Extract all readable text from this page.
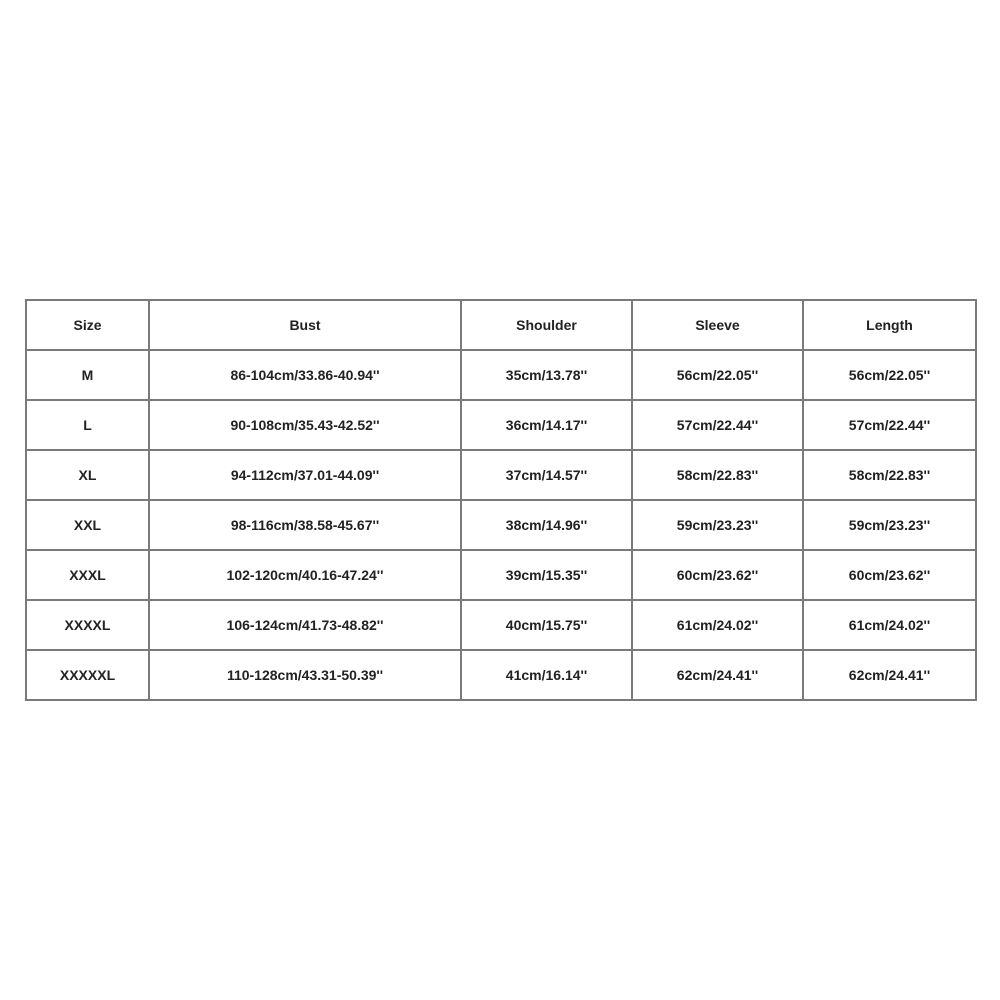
Size	Bust	Shoulder	Sleeve	Length
M	86-104cm/33.86-40.94''	35cm/13.78''	56cm/22.05''	56cm/22.05''
L	90-108cm/35.43-42.52''	36cm/14.17''	57cm/22.44''	57cm/22.44''
XL	94-112cm/37.01-44.09''	37cm/14.57''	58cm/22.83''	58cm/22.83''
XXL	98-116cm/38.58-45.67''	38cm/14.96''	59cm/23.23''	59cm/23.23''
XXXL	102-120cm/40.16-47.24''	39cm/15.35''	60cm/23.62''	60cm/23.62''
XXXXL	106-124cm/41.73-48.82''	40cm/15.75''	61cm/24.02''	61cm/24.02''
XXXXXL	110-128cm/43.31-50.39''	41cm/16.14''	62cm/24.41''	62cm/24.41''
